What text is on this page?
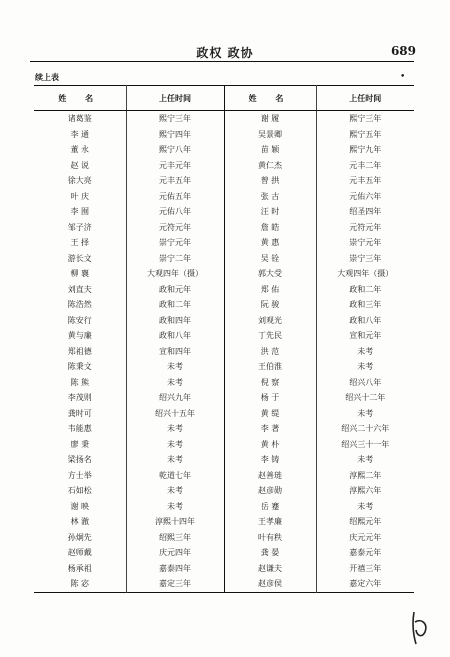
政权 政协	689
续上表	•
姓 名	上任时间	姓 名	上任时间
诸葛鉴	熙宁三年	谢 履	熙宁三年
李 通	熙宁四年	吴景卿	熙宁五年
董 永	熙宁八年	苗 颖	熙宁九年
赵 说	元丰元年	黄仁杰	元丰二年
徐大亮	元丰五年	曾 拱	元丰五年
叶 庆	元佑五年	张 古	元佑六年
李 囿	元佑八年	汪 时	绍圣四年
邹子济	元符元年	詹 皓	元符元年
王 择	崇宁元年	黄 惠	崇宁元年
游长文	崇宁二年	吴 铨	崇宁三年
柳 襄	大观四年（摄）	郭大受	大观四年（摄）
刘直夫	政和元年	郑 佑	政和二年
陈浩然	政和二年	阮 骏	政和三年
陈安行	政和四年	刘观光	政和八年
黄与廉	政和八年	丁先民	宣和元年
郑祖德	宣和四年	洪 范	未考
陈秉文	未考	王伯淮	未考
陈 熊	未考	倪 察	绍兴八年
李茂则	绍兴九年	杨 于	绍兴十二年
龚时可	绍兴十五年	黄 缇	未考
韦能惠	未考	李 著	绍兴二十六年
廖 秉	未考	黄 朴	绍兴三十一年
梁扬名	未考	李 铸	未考
方士举	乾道七年	赵善琏	淳熙二年
石如松	未考	赵彦勋	淳熙六年
谢 映	未考	岳 蹇	未考
林 澈	淳熙十四年	王孝廉	绍熙元年
孙炯先	绍熙三年	叶有秩	庆元元年
赵师戴	庆元四年	龚 晏	嘉泰元年
杨承祖	嘉泰四年	赵谦夫	开禧三年
陈 宓	嘉定三年	赵彦侯	嘉定六年
